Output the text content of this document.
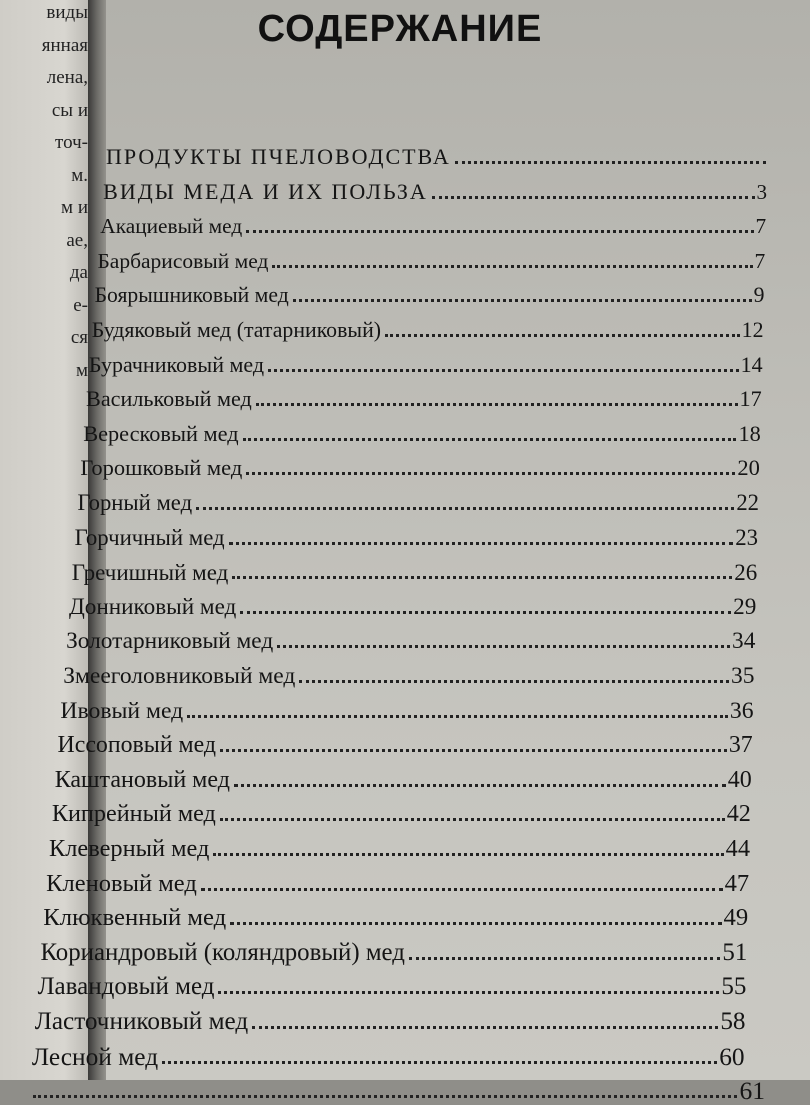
виды
янная
лена,
сы и
точ-
м.
м и
ае,
да
е-
ся
м
СОДЕРЖАНИЕ
ПРОДУКТЫ ПЧЕЛОВОДСТВА
ВИДЫ МЕДА И ИХ ПОЛЬЗА	3
Акациевый мед	7
Барбарисовый мед	7
Боярышниковый мед	9
Будяковый мед (татарниковый)	12
Бурачниковый мед	14
Васильковый мед	17
Вересковый мед	18
Горошковый мед	20
Горный мед	22
Горчичный мед	23
Гречишный мед	26
Донниковый мед	29
Золотарниковый мед	34
Змееголовниковый мед	35
Ивовый мед	36
Иссоповый мед	37
Каштановый мед	40
Кипрейный мед	42
Клеверный мед	44
Кленовый мед	47
Клюквенный мед	49
Кориандровый (коляндровый) мед	51
Лавандовый мед	55
Ласточниковый мед	58
Лесной мед	60
61
